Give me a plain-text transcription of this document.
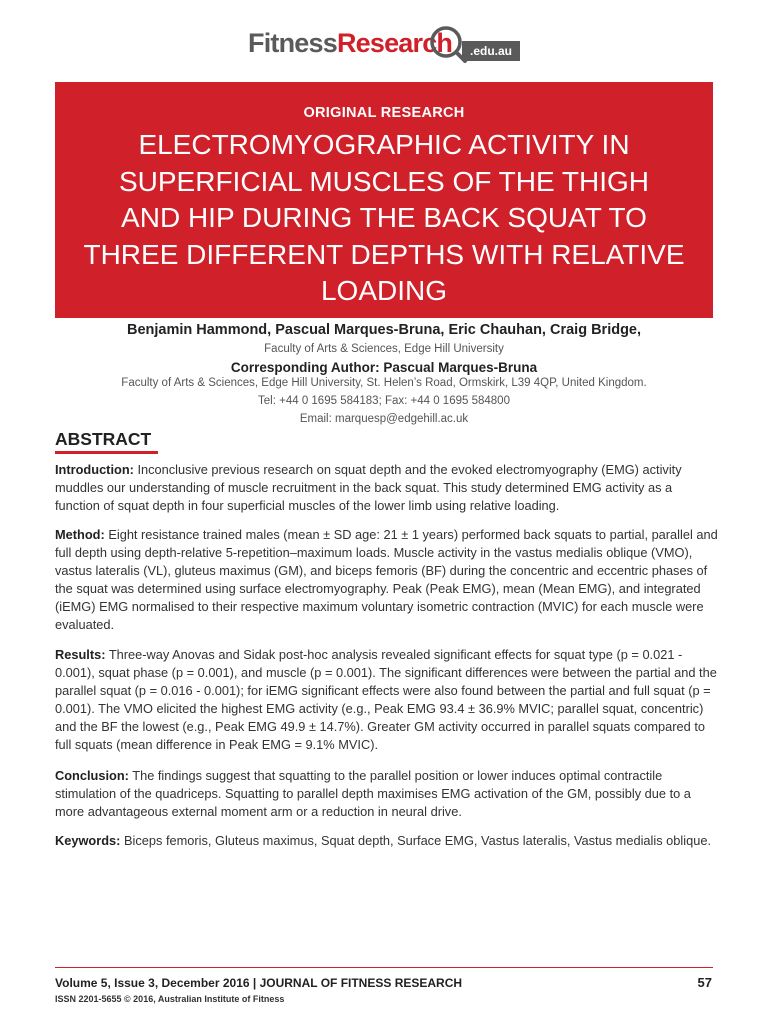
FitnessResearch	.edu.au
ORIGINAL RESEARCH
ELECTROMYOGRAPHIC ACTIVITY IN
SUPERFICIAL MUSCLES OF THE THIGH
AND HIP DURING THE BACK SQUAT TO
THREE DIFFERENT DEPTHS WITH RELATIVE
LOADING
Benjamin Hammond, Pascual Marques-Bruna, Eric Chauhan, Craig Bridge,
Faculty of Arts & Sciences, Edge Hill University
Corresponding Author: Pascual Marques-Bruna
Faculty of Arts & Sciences, Edge Hill University, St. Helen’s Road, Ormskirk, L39 4QP, United Kingdom.
Tel: +44 0 1695 584183; Fax: +44 0 1695 584800
Email: marquesp@edgehill.ac.uk
ABSTRACT

Introduction: Inconclusive previous research on squat depth and the evoked electromyography (EMG) activity muddles our understanding of muscle recruitment in the back squat. This study determined EMG activity as a function of squat depth in four superficial muscles of the lower limb using relative loading.

Method: Eight resistance trained males (mean ± SD age: 21 ± 1 years) performed back squats to partial, parallel and full depth using depth-relative 5-repetition–maximum loads. Muscle activity in the vastus medialis oblique (VMO), vastus lateralis (VL), gluteus maximus (GM), and biceps femoris (BF) during the concentric and eccentric phases of the squat was determined using surface electromyography. Peak (Peak EMG), mean (Mean EMG), and integrated (iEMG) EMG normalised to their respective maximum voluntary isometric contraction (MVIC) for each muscle were evaluated.

Results: Three-way Anovas and Sidak post-hoc analysis revealed significant effects for squat type (p = 0.021 - 0.001), squat phase (p = 0.001), and muscle (p = 0.001). The significant differences were between the partial and the parallel squat (p = 0.016 - 0.001); for iEMG significant effects were also found between the partial and full squat (p = 0.001). The VMO elicited the highest EMG activity (e.g., Peak EMG 93.4 ± 36.9% MVIC; parallel squat, concentric) and the BF the lowest (e.g., Peak EMG 49.9 ± 14.7%). Greater GM activity occurred in parallel squats compared to full squats (mean difference in Peak EMG = 9.1% MVIC).

Conclusion: The findings suggest that squatting to the parallel position or lower induces optimal contractile stimulation of the quadriceps. Squatting to parallel depth maximises EMG activation of the GM, possibly due to a more advantageous external moment arm or a reduction in neural drive.

Keywords: Biceps femoris, Gluteus maximus, Squat depth, Surface EMG, Vastus lateralis, Vastus medialis oblique.

Volume 5, Issue 3, December 2016 | JOURNAL OF FITNESS RESEARCH	57
ISSN 2201-5655 © 2016, Australian Institute of Fitness
